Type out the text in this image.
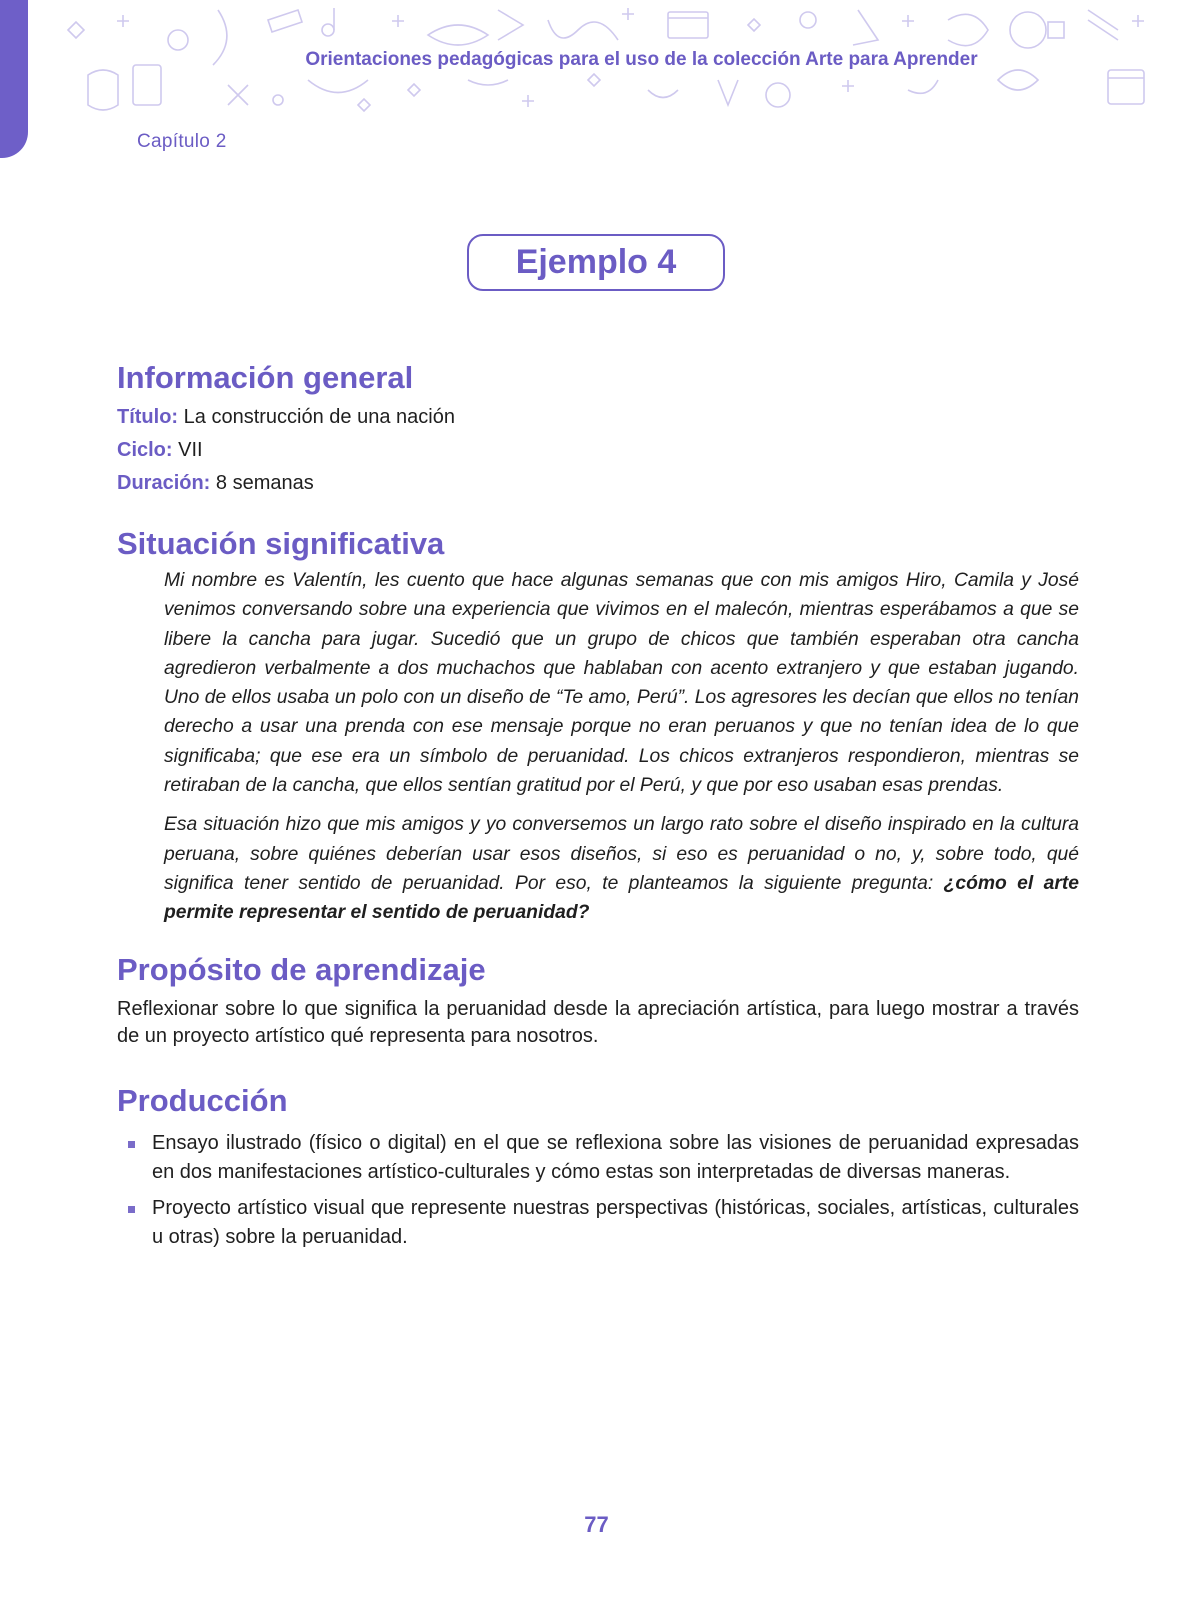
Orientaciones pedagógicas para el uso de la colección Arte para Aprender
Capítulo 2
Ejemplo 4
Información general
Título: La construcción de una nación
Ciclo: VII
Duración: 8 semanas
Situación significativa

Mi nombre es Valentín, les cuento que hace algunas semanas que con mis amigos Hiro, Camila y José venimos conversando sobre una experiencia que vivimos en el malecón, mientras esperábamos a que se libere la cancha para jugar. Sucedió que un grupo de chicos que también esperaban otra cancha agredieron verbalmente a dos muchachos que hablaban con acento extranjero y que estaban jugando. Uno de ellos usaba un polo con un diseño de “Te amo, Perú”. Los agresores les decían que ellos no tenían derecho a usar una prenda con ese mensaje porque no eran peruanos y que no tenían idea de lo que significaba; que ese era un símbolo de peruanidad. Los chicos extranjeros respondieron, mientras se retiraban de la cancha, que ellos sentían gratitud por el Perú, y que por eso usaban esas prendas.

Esa situación hizo que mis amigos y yo conversemos un largo rato sobre el diseño inspirado en la cultura peruana, sobre quiénes deberían usar esos diseños, si eso es peruanidad o no, y, sobre todo, qué significa tener sentido de peruanidad. Por eso, te planteamos la siguiente pregunta: ¿cómo el arte permite representar el sentido de peruanidad?

Propósito de aprendizaje

Reflexionar sobre lo que significa la peruanidad desde la apreciación artística, para luego mostrar a través de un proyecto artístico qué representa para nosotros.

Producción
Ensayo ilustrado (físico o digital) en el que se reflexiona sobre las visiones de peruanidad expresadas en dos manifestaciones artístico-culturales y cómo estas son interpretadas de diversas maneras.
Proyecto artístico visual que represente nuestras perspectivas (históricas, sociales, artísticas, culturales u otras) sobre la peruanidad.
77
